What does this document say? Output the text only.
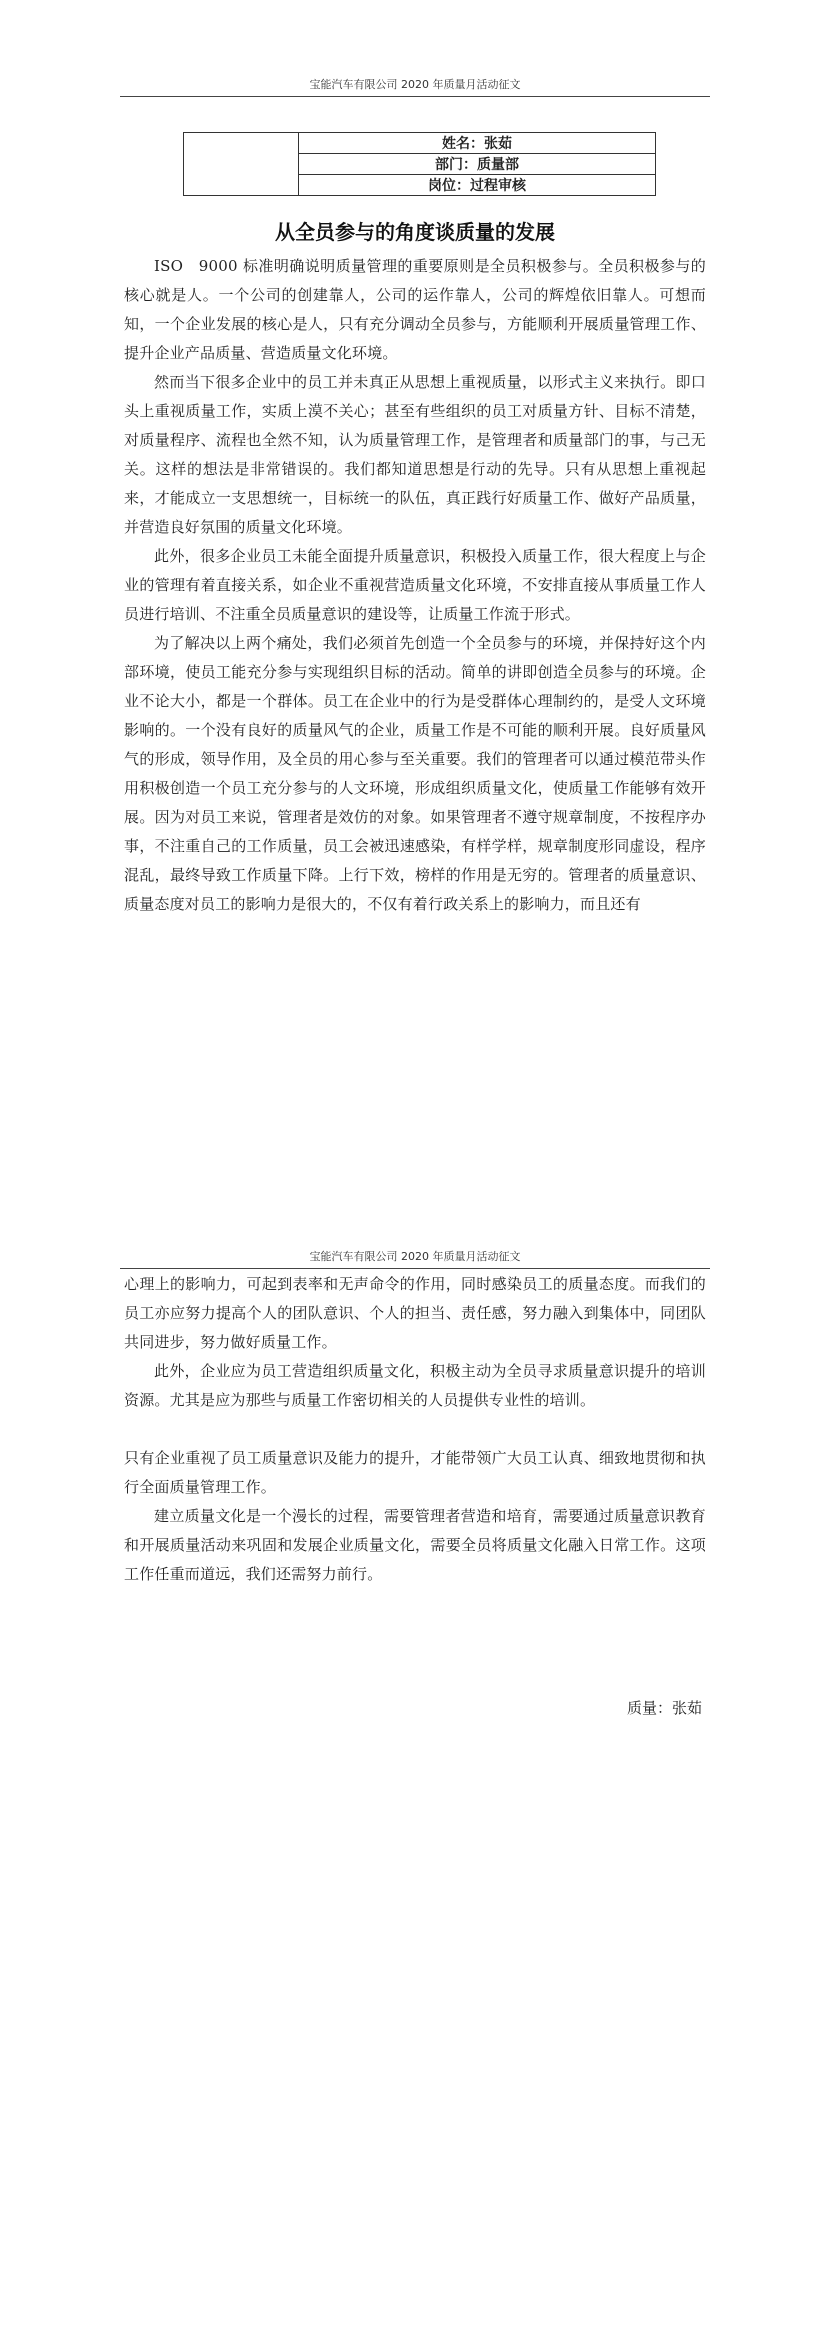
宝能汽车有限公司 2020 年质量月活动征文
	姓名：张茹
部门：质量部
岗位：过程审核
从全员参与的角度谈质量的发展

ISO　9000 标准明确说明质量管理的重要原则是全员积极参与。全员积极参与的核心就是人。一个公司的创建靠人，公司的运作靠人，公司的辉煌依旧靠人。可想而知，一个企业发展的核心是人，只有充分调动全员参与，方能顺利开展质量管理工作、提升企业产品质量、营造质量文化环境。

然而当下很多企业中的员工并未真正从思想上重视质量，以形式主义来执行。即口头上重视质量工作，实质上漠不关心；甚至有些组织的员工对质量方针、目标不清楚，对质量程序、流程也全然不知，认为质量管理工作，是管理者和质量部门的事，与己无关。这样的想法是非常错误的。我们都知道思想是行动的先导。只有从思想上重视起来，才能成立一支思想统一，目标统一的队伍，真正践行好质量工作、做好产品质量，并营造良好氛围的质量文化环境。

此外，很多企业员工未能全面提升质量意识，积极投入质量工作，很大程度上与企业的管理有着直接关系，如企业不重视营造质量文化环境，不安排直接从事质量工作人员进行培训、不注重全员质量意识的建设等，让质量工作流于形式。

为了解决以上两个痛处，我们必须首先创造一个全员参与的环境，并保持好这个内部环境，使员工能充分参与实现组织目标的活动。简单的讲即创造全员参与的环境。企业不论大小，都是一个群体。员工在企业中的行为是受群体心理制约的，是受人文环境影响的。一个没有良好的质量风气的企业，质量工作是不可能的顺利开展。良好质量风气的形成，领导作用，及全员的用心参与至关重要。我们的管理者可以通过模范带头作用积极创造一个员工充分参与的人文环境，形成组织质量文化，使质量工作能够有效开展。因为对员工来说，管理者是效仿的对象。如果管理者不遵守规章制度，不按程序办事，不注重自己的工作质量，员工会被迅速感染，有样学样，规章制度形同虚设，程序混乱，最终导致工作质量下降。上行下效，榜样的作用是无穷的。管理者的质量意识、质量态度对员工的影响力是很大的，不仅有着行政关系上的影响力，而且还有

宝能汽车有限公司 2020 年质量月活动征文

心理上的影响力，可起到表率和无声命令的作用，同时感染员工的质量态度。而我们的员工亦应努力提高个人的团队意识、个人的担当、责任感，努力融入到集体中，同团队共同进步，努力做好质量工作。

此外，企业应为员工营造组织质量文化，积极主动为全员寻求质量意识提升的培训资源。尤其是应为那些与质量工作密切相关的人员提供专业性的培训。

只有企业重视了员工质量意识及能力的提升，才能带领广大员工认真、细致地贯彻和执行全面质量管理工作。

建立质量文化是一个漫长的过程，需要管理者营造和培育，需要通过质量意识教育和开展质量活动来巩固和发展企业质量文化，需要全员将质量文化融入日常工作。这项工作任重而道远，我们还需努力前行。

质量：张茹
